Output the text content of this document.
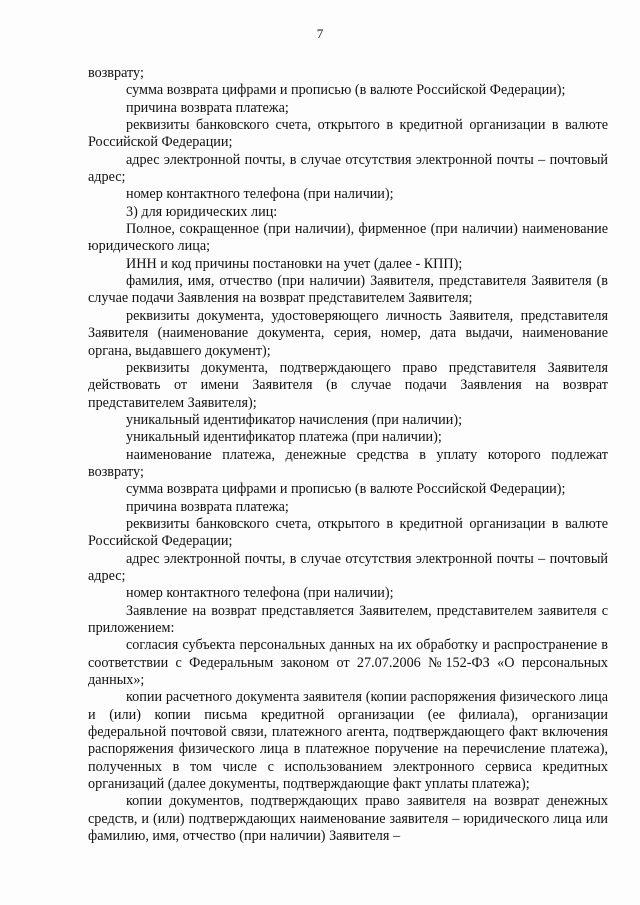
7

возврату;

сумма возврата цифрами и прописью (в валюте Российской Федерации);

причина возврата платежа;

реквизиты банковского счета, открытого в кредитной организации в валюте Российской Федерации;

адрес электронной почты, в случае отсутствия электронной почты – почтовый адрес;

номер контактного телефона (при наличии);

3) для юридических лиц:

Полное, сокращенное (при наличии), фирменное (при наличии) наименование юридического лица;

ИНН и код причины постановки на учет (далее - КПП);

фамилия, имя, отчество (при наличии) Заявителя, представителя Заявителя (в случае подачи Заявления на возврат представителем Заявителя;

реквизиты документа, удостоверяющего личность Заявителя, представителя Заявителя (наименование документа, серия, номер, дата выдачи, наименование органа, выдавшего документ);

реквизиты документа, подтверждающего право представителя Заявителя действовать от имени Заявителя (в случае подачи Заявления на возврат представителем Заявителя);

уникальный идентификатор начисления (при наличии);

уникальный идентификатор платежа (при наличии);

наименование платежа, денежные средства в уплату которого подлежат возврату;

сумма возврата цифрами и прописью (в валюте Российской Федерации);

причина возврата платежа;

реквизиты банковского счета, открытого в кредитной организации в валюте Российской Федерации;

адрес электронной почты, в случае отсутствия электронной почты – почтовый адрес;

номер контактного телефона (при наличии);

Заявление на возврат представляется Заявителем, представителем заявителя с приложением:

согласия субъекта персональных данных на их обработку и распространение в соответствии с Федеральным законом от 27.07.2006 №152-ФЗ «О персональных данных»;

копии расчетного документа заявителя (копии распоряжения физического лица и (или) копии письма кредитной организации (ее филиала), организации федеральной почтовой связи, платежного агента, подтверждающего факт включения распоряжения физического лица в платежное поручение на перечисление платежа), полученных в том числе с использованием электронного сервиса кредитных организаций (далее документы, подтверждающие факт уплаты платежа);

копии документов, подтверждающих право заявителя на возврат денежных средств, и (или) подтверждающих наименование заявителя – юридического лица или фамилию, имя, отчество (при наличии) Заявителя –
